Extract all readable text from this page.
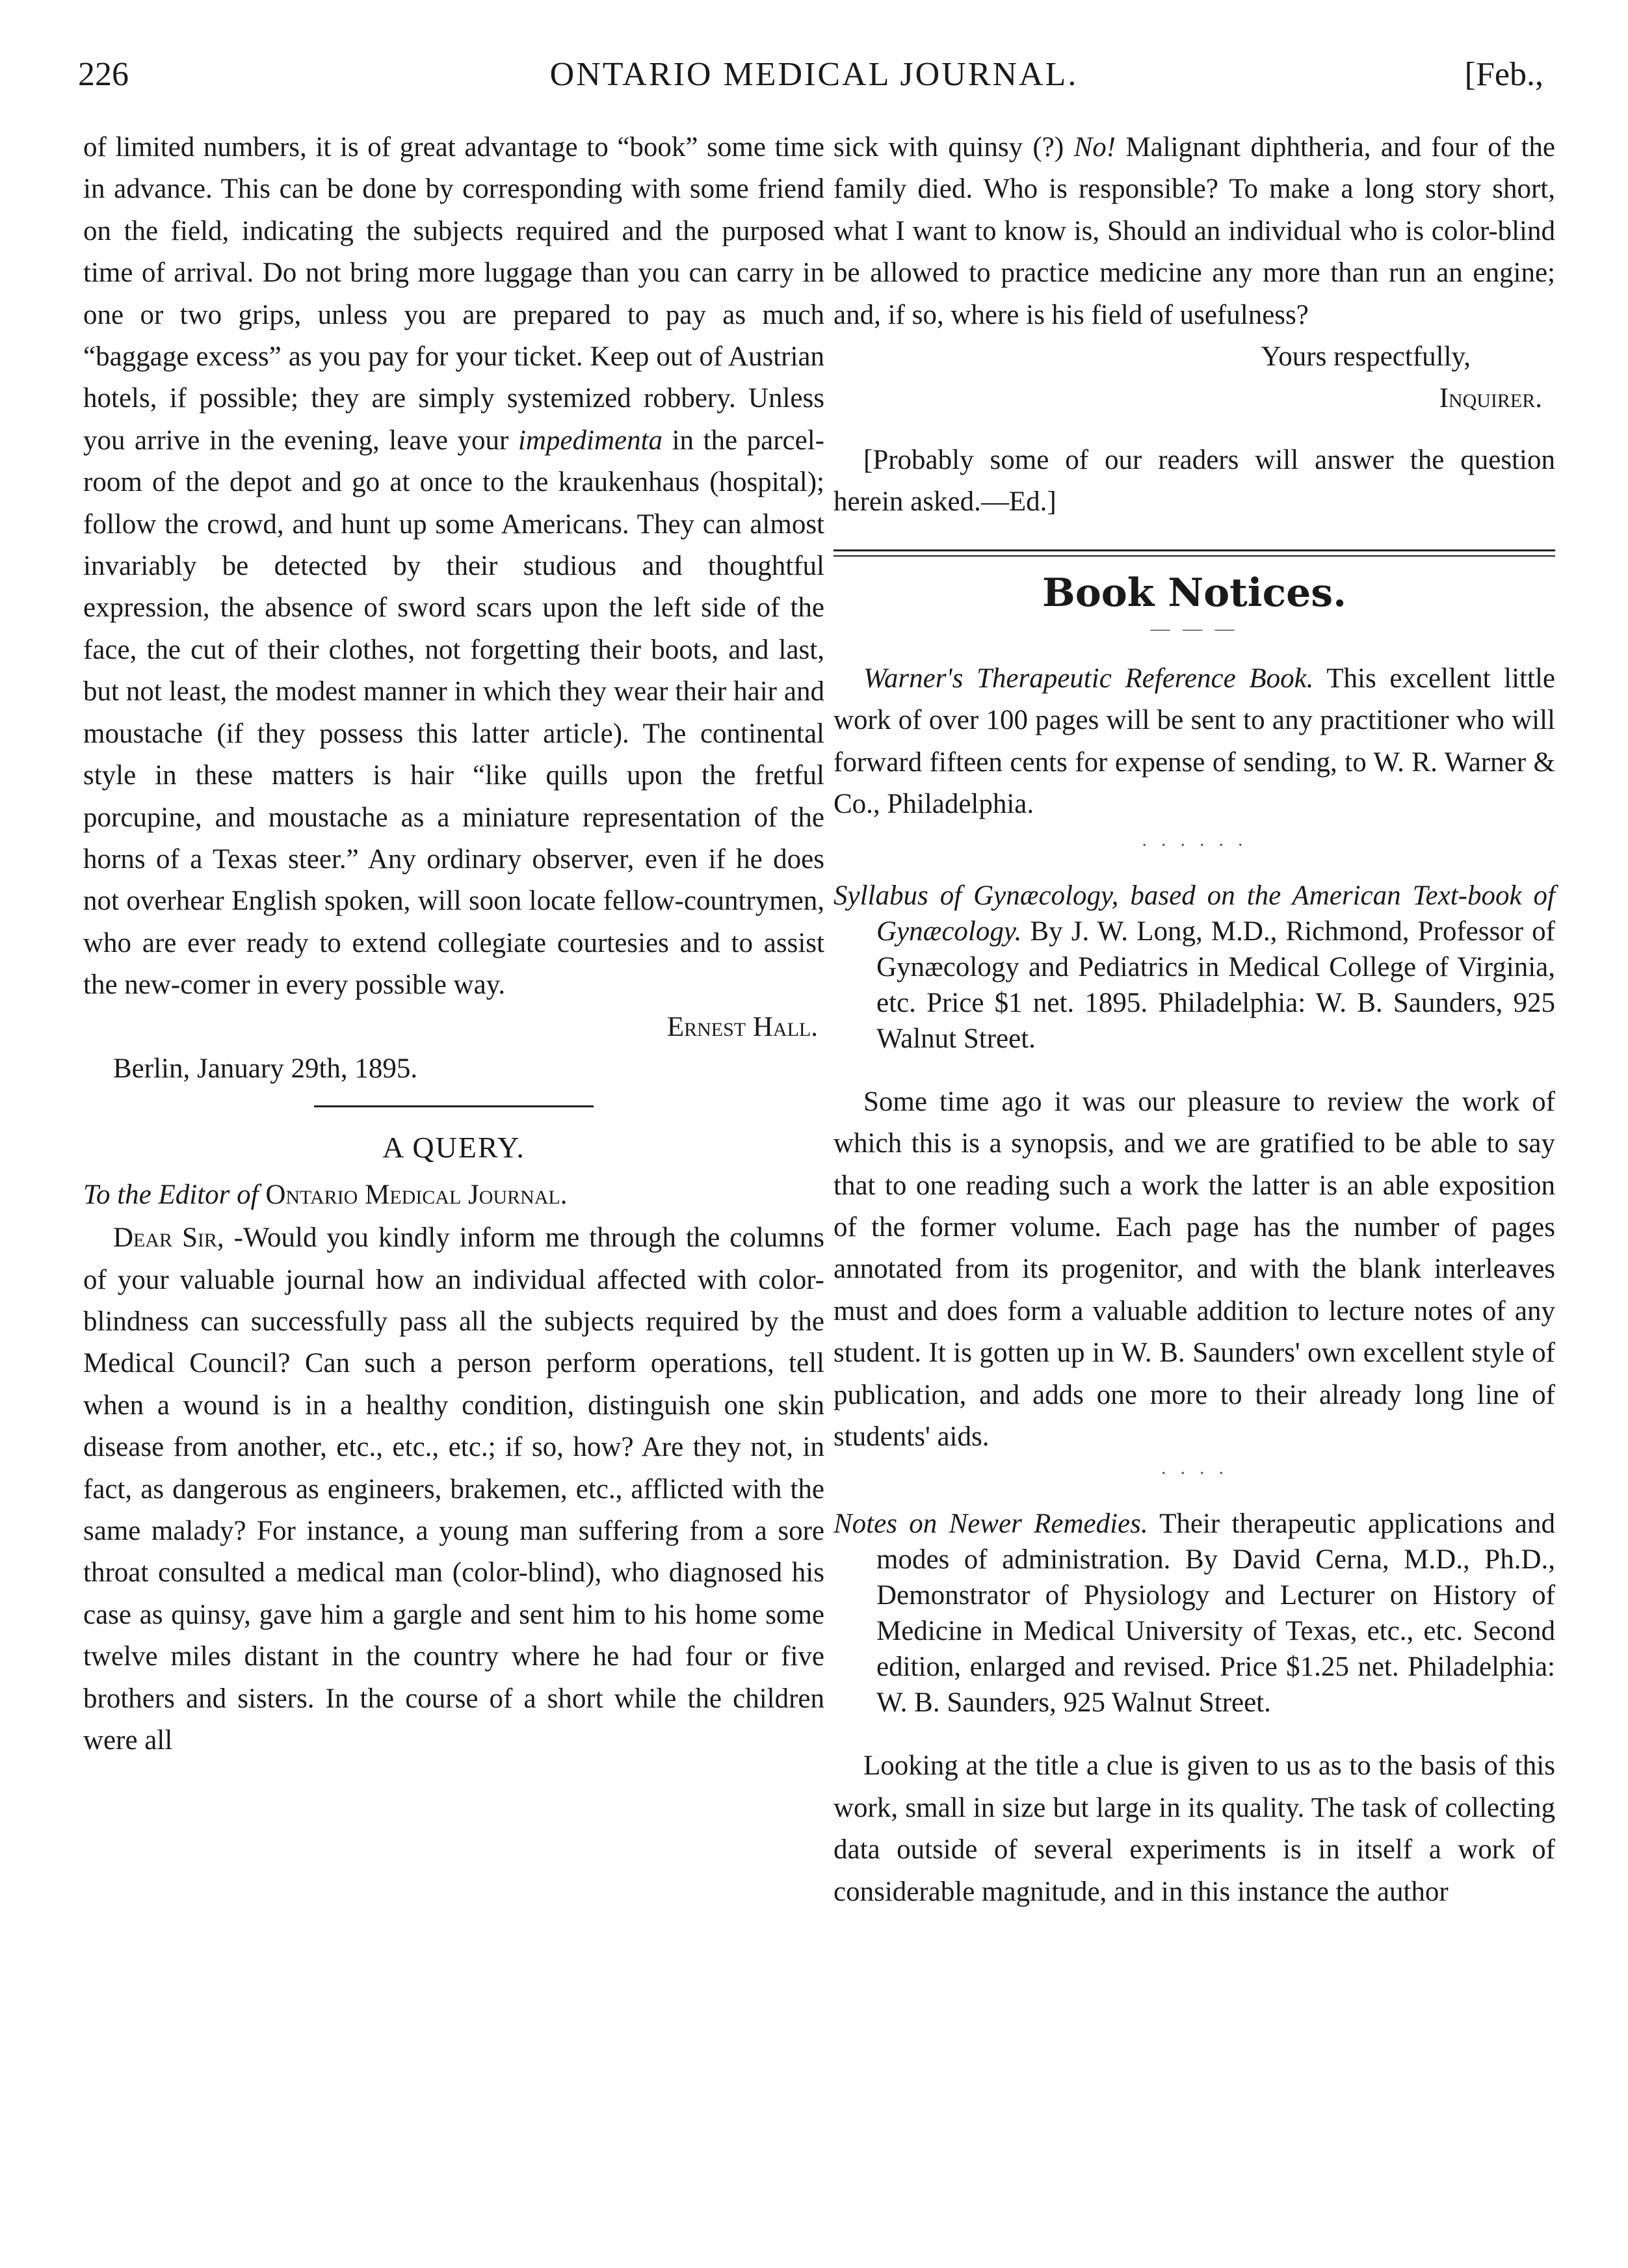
226	ONTARIO MEDICAL JOURNAL.	[Feb.,

of limited numbers, it is of great advantage to “book” some time in advance. This can be done by corresponding with some friend on the field, indicating the subjects required and the purposed time of arrival. Do not bring more luggage than you can carry in one or two grips, unless you are prepared to pay as much “baggage excess” as you pay for your ticket. Keep out of Austrian hotels, if possible; they are simply systemized robbery. Unless you arrive in the evening, leave your impedimenta in the parcel-room of the depot and go at once to the kraukenhaus (hospital); follow the crowd, and hunt up some Americans. They can almost invariably be detected by their studious and thoughtful expression, the absence of sword scars upon the left side of the face, the cut of their clothes, not forgetting their boots, and last, but not least, the modest manner in which they wear their hair and moustache (if they possess this latter article). The continental style in these matters is hair “like quills upon the fretful porcupine, and moustache as a miniature representation of the horns of a Texas steer.” Any ordinary observer, even if he does not overhear English spoken, will soon locate fellow-countrymen, who are ever ready to extend collegiate courtesies and to assist the new-comer in every possible way.

Ernest Hall.

Berlin, January 29th, 1895.

A QUERY.

To the Editor of Ontario Medical Journal.

Dear Sir, -Would you kindly inform me through the columns of your valuable journal how an individual affected with color-blindness can successfully pass all the subjects required by the Medical Council? Can such a person perform operations, tell when a wound is in a healthy condition, distinguish one skin disease from another, etc., etc., etc.; if so, how? Are they not, in fact, as dangerous as engineers, brakemen, etc., afflicted with the same malady? For instance, a young man suffering from a sore throat consulted a medical man (color-blind), who diagnosed his case as quinsy, gave him a gargle and sent him to his home some twelve miles distant in the country where he had four or five brothers and sisters. In the course of a short while the children were all

sick with quinsy (?) No! Malignant diphtheria, and four of the family died. Who is responsible? To make a long story short, what I want to know is, Should an individual who is color-blind be allowed to practice medicine any more than run an engine; and, if so, where is his field of usefulness?

Yours respectfully,

Inquirer.

[Probably some of our readers will answer the question herein asked.—Ed.]

Book Notices.

— — —

Warner's Therapeutic Reference Book. This excellent little work of over 100 pages will be sent to any practitioner who will forward fifteen cents for expense of sending, to W. R. Warner & Co., Philadelphia.

· · · · · ·

Syllabus of Gynæcology, based on the American Text-book of Gynæcology. By J. W. Long, M.D., Richmond, Professor of Gynæcology and Pediatrics in Medical College of Virginia, etc. Price $1 net. 1895. Philadelphia: W. B. Saunders, 925 Walnut Street.

Some time ago it was our pleasure to review the work of which this is a synopsis, and we are gratified to be able to say that to one reading such a work the latter is an able exposition of the former volume. Each page has the number of pages annotated from its progenitor, and with the blank interleaves must and does form a valuable addition to lecture notes of any student. It is gotten up in W. B. Saunders' own excellent style of publication, and adds one more to their already long line of students' aids.

· · · ·

Notes on Newer Remedies. Their therapeutic applications and modes of administration. By David Cerna, M.D., Ph.D., Demonstrator of Physiology and Lecturer on History of Medicine in Medical University of Texas, etc., etc. Second edition, enlarged and revised. Price $1.25 net. Philadelphia: W. B. Saunders, 925 Walnut Street.

Looking at the title a clue is given to us as to the basis of this work, small in size but large in its quality. The task of collecting data outside of several experiments is in itself a work of considerable magnitude, and in this instance the author
